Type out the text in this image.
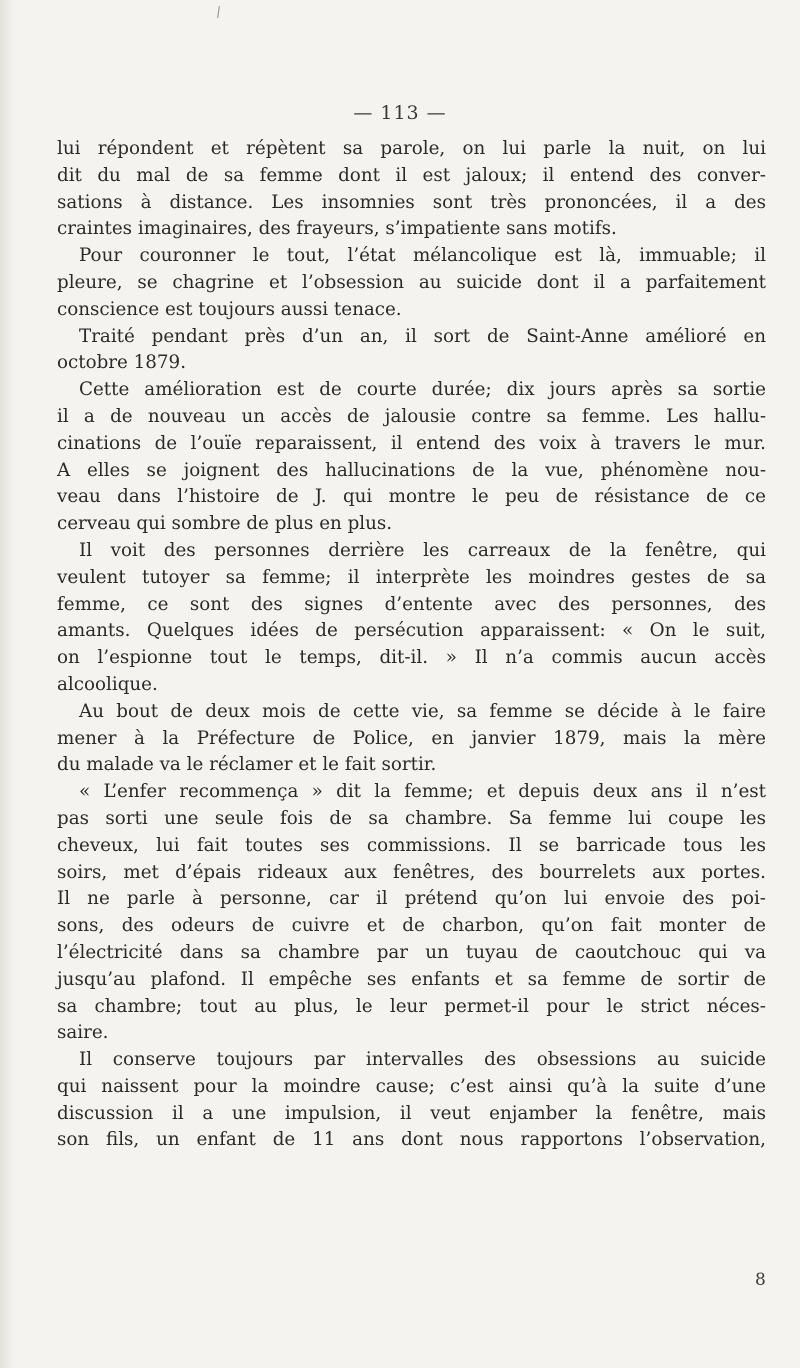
— 113 —
lui répondent et répètent sa parole, on lui parle la nuit, on lui
dit du mal de sa femme dont il est jaloux; il entend des conver-
sations à distance. Les insomnies sont très prononcées, il a des
craintes imaginaires, des frayeurs, s’impatiente sans motifs.
Pour couronner le tout, l’état mélancolique est là, immuable; il
pleure, se chagrine et l’obsession au suicide dont il a parfaitement
conscience est toujours aussi tenace.
Traité pendant près d’un an, il sort de Saint-Anne amélioré en
octobre 1879.
Cette amélioration est de courte durée; dix jours après sa sortie
il a de nouveau un accès de jalousie contre sa femme. Les hallu-
cinations de l’ouïe reparaissent, il entend des voix à travers le mur.
A elles se joignent des hallucinations de la vue, phénomène nou-
veau dans l’histoire de J. qui montre le peu de résistance de ce
cerveau qui sombre de plus en plus.
Il voit des personnes derrière les carreaux de la fenêtre, qui
veulent tutoyer sa femme; il interprète les moindres gestes de sa
femme, ce sont des signes d’entente avec des personnes, des
amants. Quelques idées de persécution apparaissent: « On le suit,
on l’espionne tout le temps, dit-il. » Il n’a commis aucun accès
alcoolique.
Au bout de deux mois de cette vie, sa femme se décide à le faire
mener à la Préfecture de Police, en janvier 1879, mais la mère
du malade va le réclamer et le fait sortir.
« L’enfer recommença » dit la femme; et depuis deux ans il n’est
pas sorti une seule fois de sa chambre. Sa femme lui coupe les
cheveux, lui fait toutes ses commissions. Il se barricade tous les
soirs, met d’épais rideaux aux fenêtres, des bourrelets aux portes.
Il ne parle à personne, car il prétend qu’on lui envoie des poi-
sons, des odeurs de cuivre et de charbon, qu’on fait monter de
l’électricité dans sa chambre par un tuyau de caoutchouc qui va
jusqu’au plafond. Il empêche ses enfants et sa femme de sortir de
sa chambre; tout au plus, le leur permet-il pour le strict néces-
saire.
Il conserve toujours par intervalles des obsessions au suicide
qui naissent pour la moindre cause; c’est ainsi qu’à la suite d’une
discussion il a une impulsion, il veut enjamber la fenêtre, mais
son fils, un enfant de 11 ans dont nous rapportons l’observation,
8
